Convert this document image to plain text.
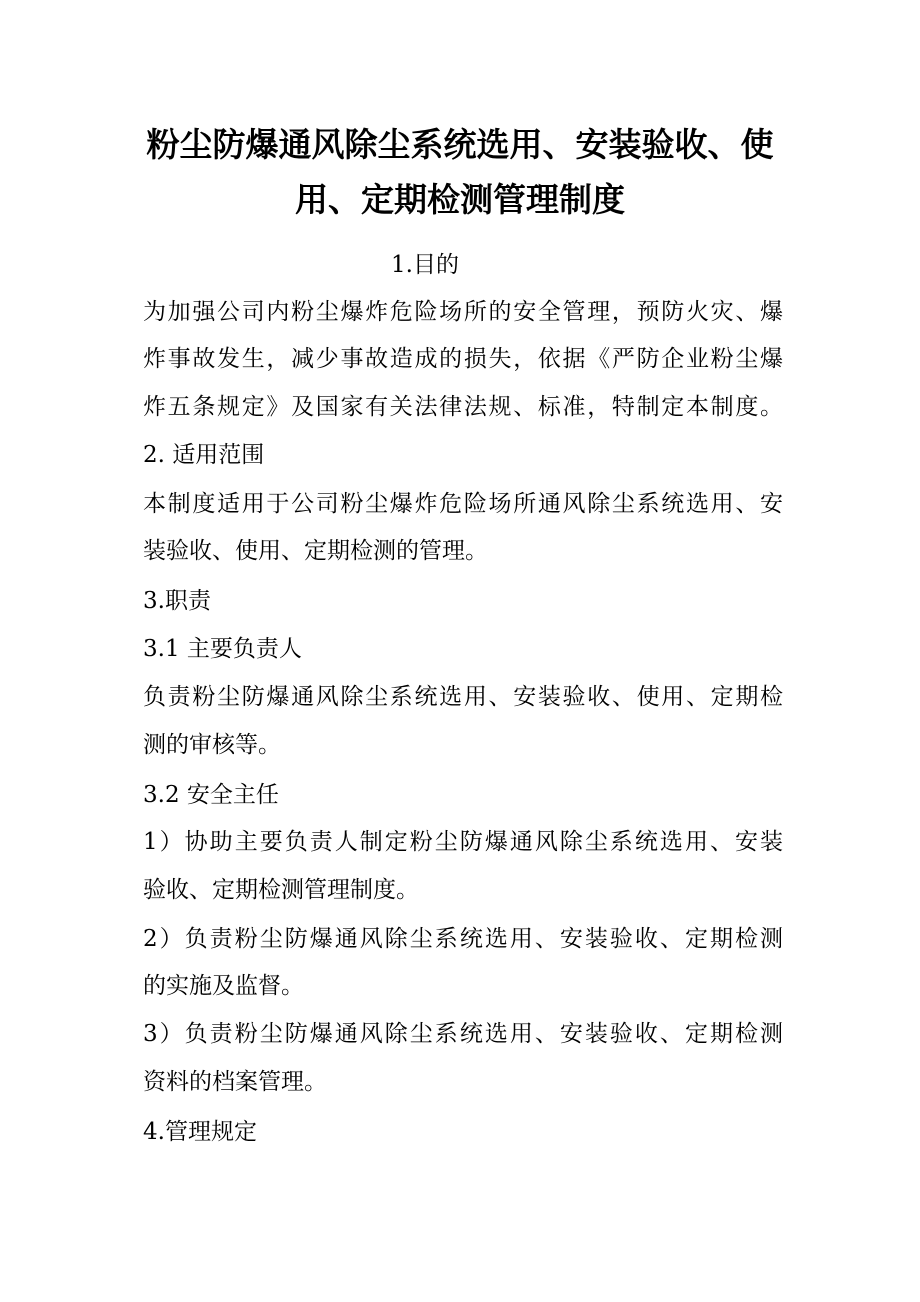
粉尘防爆通风除尘系统选用、安装验收、使
用、定期检测管理制度
1.目的
为加强公司内粉尘爆炸危险场所的安全管理，预防火灾、爆
炸事故发生，减少事故造成的损失，依据《严防企业粉尘爆
炸五条规定》及国家有关法律法规、标准，特制定本制度。
2. 适用范围
本制度适用于公司粉尘爆炸危险场所通风除尘系统选用、安
装验收、使用、定期检测的管理。
3.职责
3.1 主要负责人
负责粉尘防爆通风除尘系统选用、安装验收、使用、定期检
测的审核等。
3.2 安全主任
1）协助主要负责人制定粉尘防爆通风除尘系统选用、安装
验收、定期检测管理制度。
2）负责粉尘防爆通风除尘系统选用、安装验收、定期检测
的实施及监督。
3）负责粉尘防爆通风除尘系统选用、安装验收、定期检测
资料的档案管理。
4.管理规定
